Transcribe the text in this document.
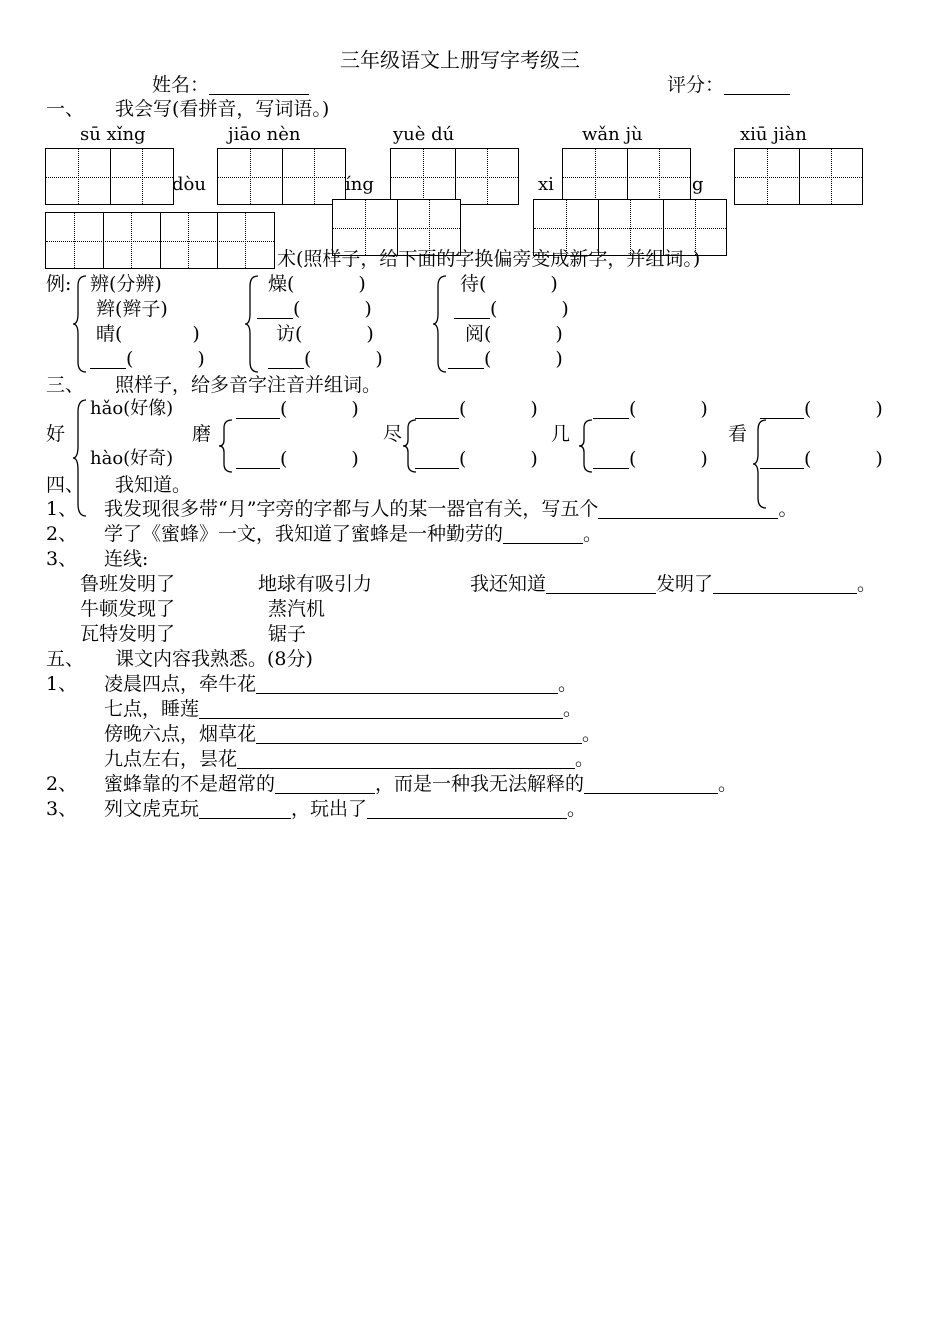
三年级语文上册写字考级三
姓名：	评分：
一、 我会写(看拼音，写词语。)
sū xǐng	jiāo nèn	yuè dú	wǎn jù	xiū jiàn
dòu	íng	xi	g
术(照样子，给下面的字换偏旁变成新字，并组词。)
例: 辨(分辨)
辫(辫子)
晴(	)
(	)
燥(	)
(	)
访(	)
(	)
待(	)
(	)
阅(	)
(	)
三、 照样子，给多音字注音并组词。
hǎo(好像)
好
hào(好奇)
磨
(	)
(	)
尽
(	)
(	)
几
(	)
(	)
看
(	)
(	)
四、 我知道。
1、 我发现很多带“月”字旁的字都与人的某一器官有关，写五个	。
2、 学了《蜜蜂》一文，我知道了蜜蜂是一种勤劳的	。
3、 连线:
鲁班发明了
牛顿发现了
瓦特发明了
地球有吸引力
蒸汽机
锯子
我还知道	发明了	。
五、 课文内容我熟悉。(8分)
1、 凌晨四点，牵牛花	。
七点，睡莲	。
傍晚六点，烟草花	。
九点左右，昙花	。
2、 蜜蜂靠的不是超常的	，而是一种我无法解释的	。
3、 列文虎克玩	，玩出了	。
